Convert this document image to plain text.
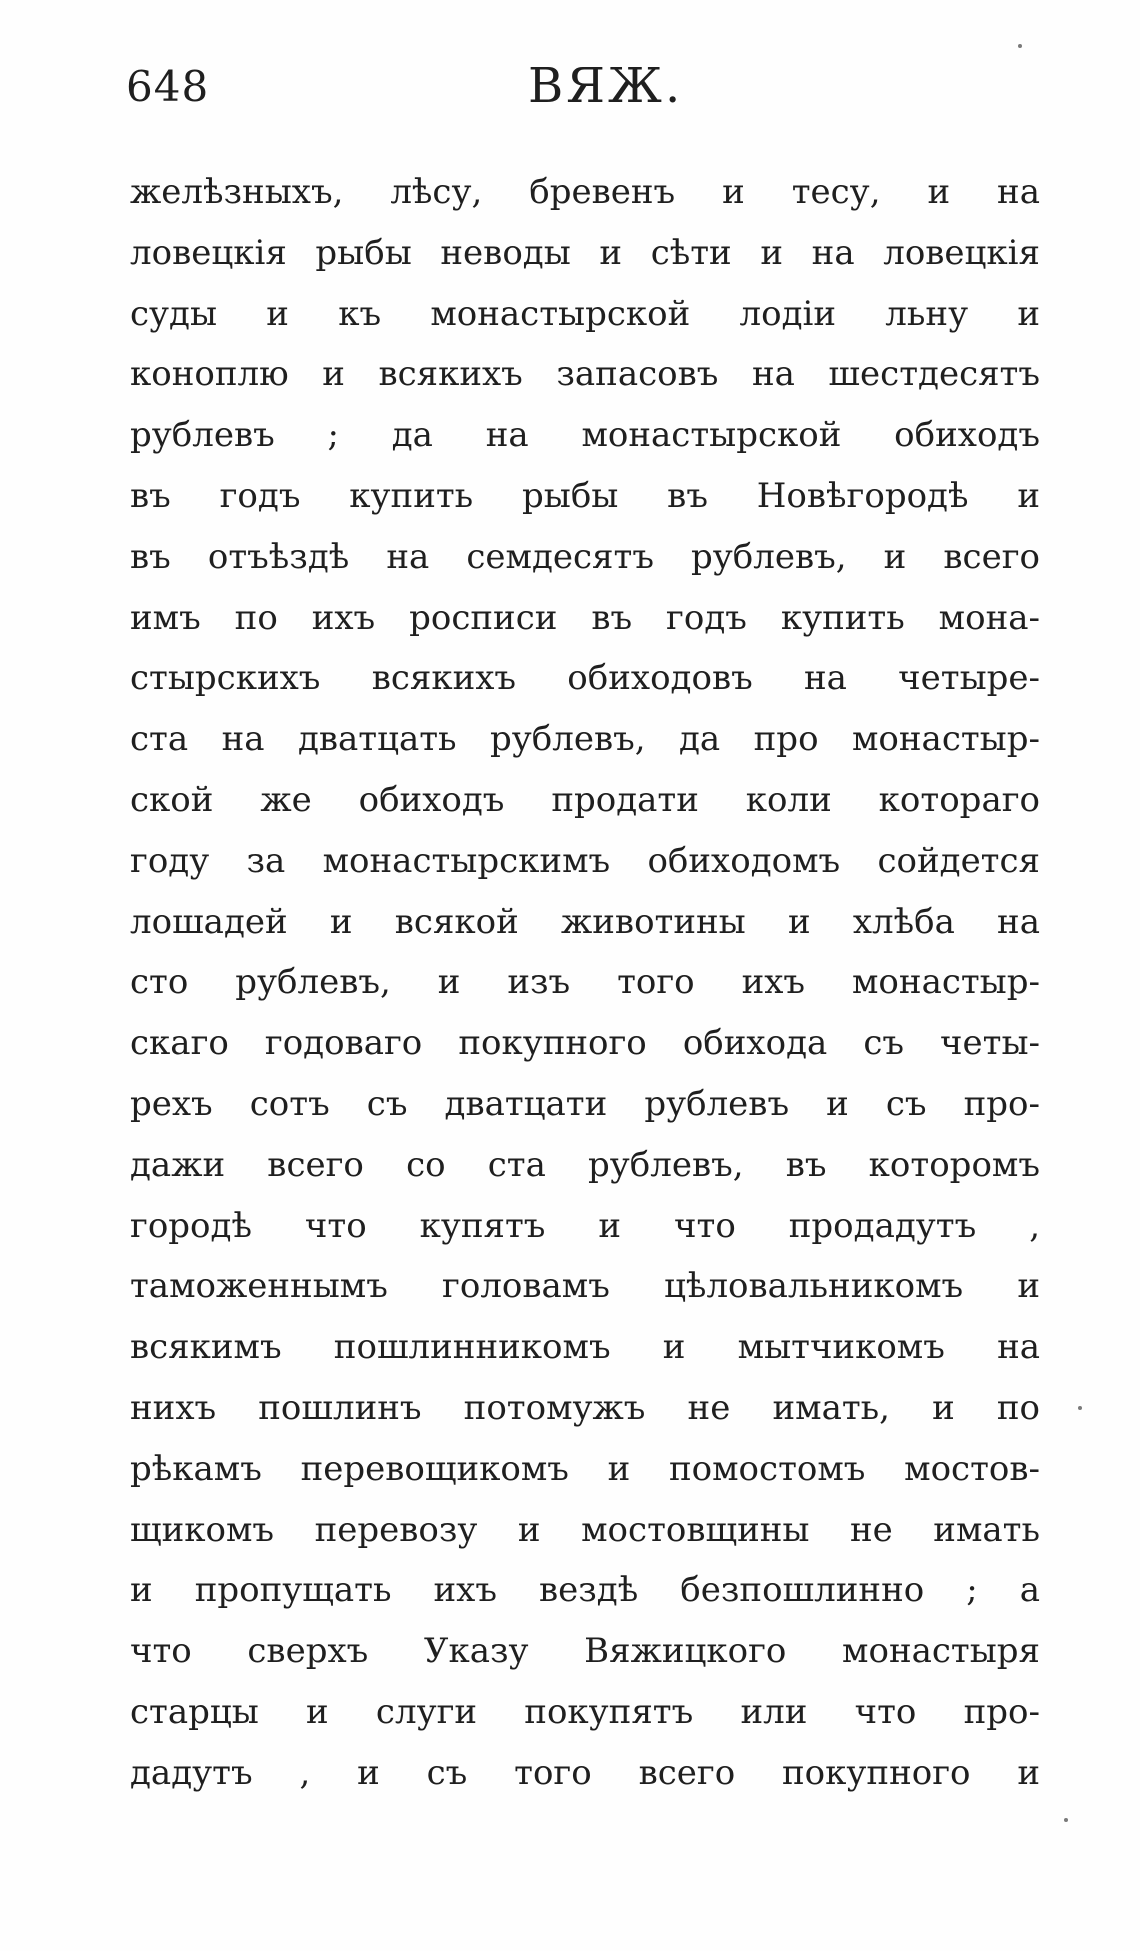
648	ВЯЖ.
желѣзныхъ, лѣсу, бревенъ и тесу, и на
ловецкія рыбы неводы и сѣти и на ловецкія
суды и къ монастырской лодіи льну и
коноплю и всякихъ запасовъ на шестдесятъ
рублевъ ; да на монастырской обиходъ
въ годъ купить рыбы въ Новѣгородѣ и
въ отъѣздѣ на семдесятъ рублевъ, и всего
имъ по ихъ росписи въ годъ купить мона-
стырскихъ всякихъ обиходовъ на четыре-
ста на дватцать рублевъ, да про монастыр-
ской же обиходъ продати коли котораго
году за монастырскимъ обиходомъ сойдется
лошадей и всякой животины и хлѣба на
сто рублевъ, и изъ того ихъ монастыр-
скаго годоваго покупного обихода съ четы-
рехъ сотъ съ дватцати рублевъ и съ про-
дажи всего со ста рублевъ, въ которомъ
городѣ что купятъ и что продадутъ ,
таможеннымъ головамъ цѣловальникомъ и
всякимъ пошлинникомъ и мытчикомъ на
нихъ пошлинъ потомужъ не имать, и по
рѣкамъ перевощикомъ и помостомъ мостов-
щикомъ перевозу и мостовщины не имать
и пропущать ихъ вездѣ безпошлинно ; а
что сверхъ Указу Вяжицкого монастыря
старцы и слуги покупятъ или что про-
дадутъ , и съ того всего покупного и
